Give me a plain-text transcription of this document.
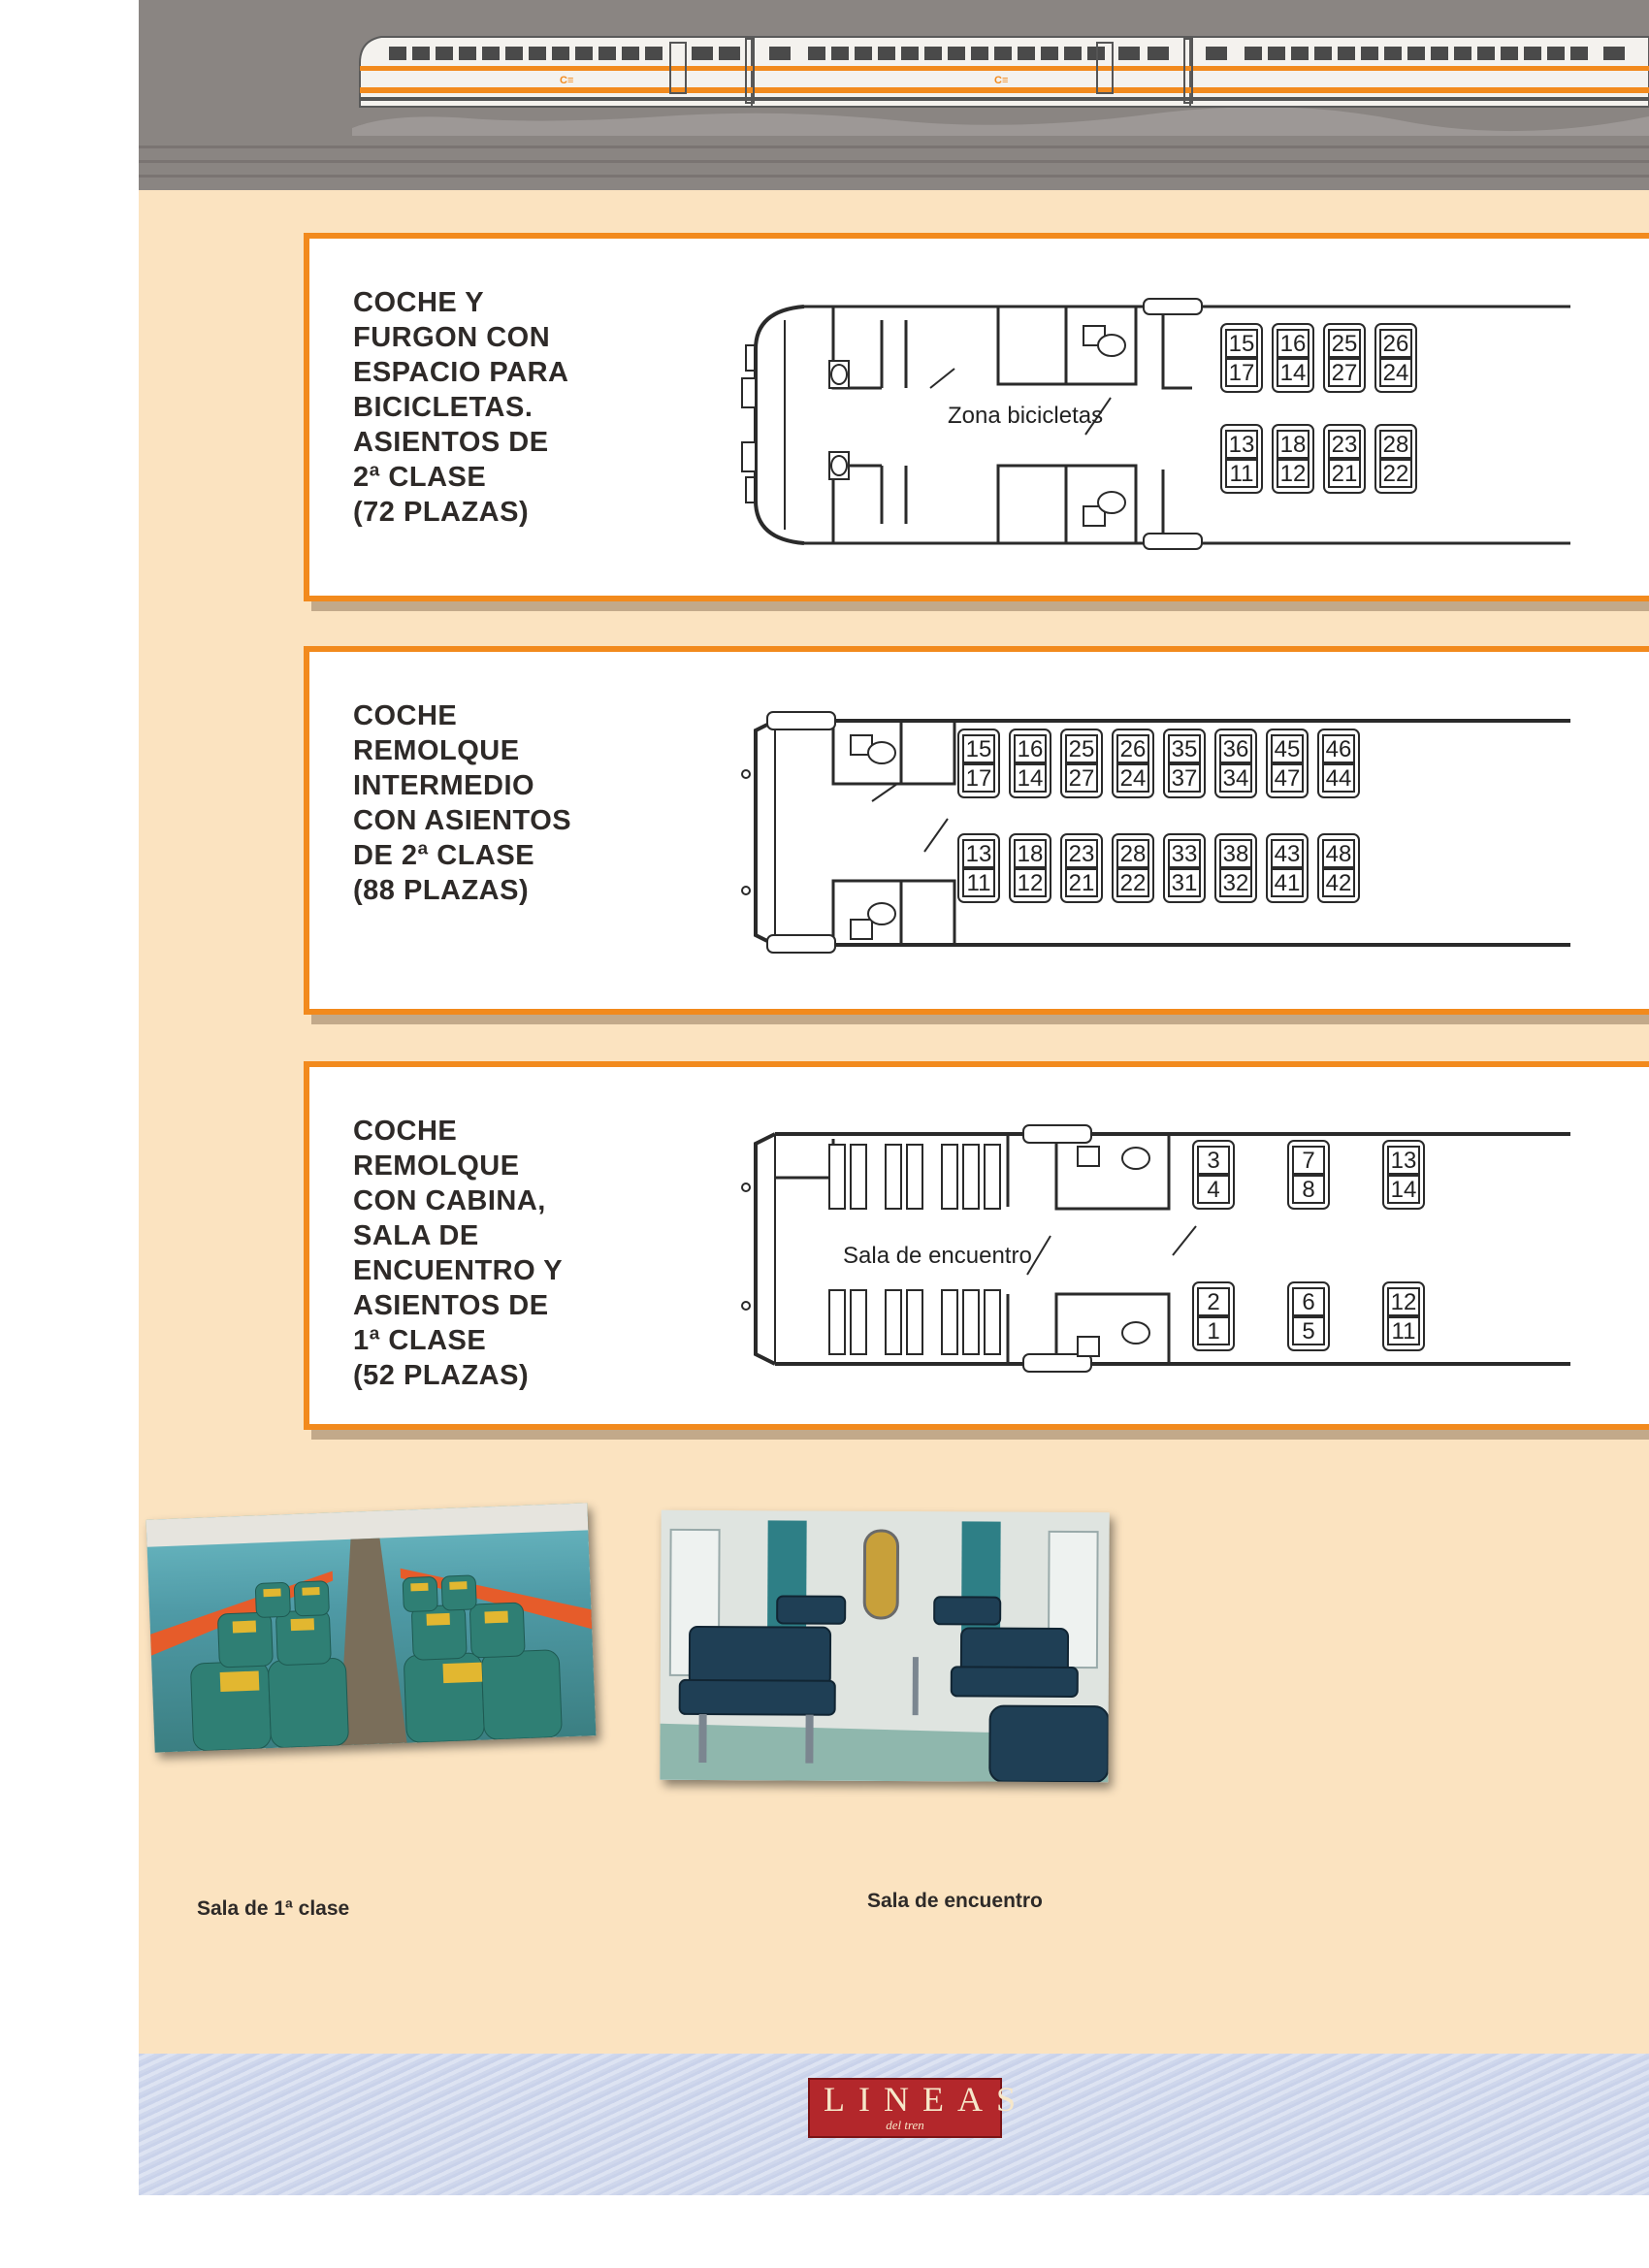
C≡	C≡
COCHE Y
FURGON CON
ESPACIO PARA
BICICLETAS.
ASIENTOS DE
2ª CLASE
(72 PLAZAS)
Zona bicicletas
15
17
16
14
25
27
26
24
13
11
18
12
23
21
28
22
COCHE
REMOLQUE
INTERMEDIO
CON ASIENTOS
DE 2ª CLASE
(88 PLAZAS)
15
17
16
14
25
27
26
24
35
37
36
34
45
47
46
44
13
11
18
12
23
21
28
22
33
31
38
32
43
41
48
42
COCHE
REMOLQUE
CON CABINA,
SALA DE
ENCUENTRO Y
ASIENTOS DE
1ª CLASE
(52 PLAZAS)
Sala de encuentro
3
4
7
8
13
14
2
1
6
5
12
11
Sala de 1ª clase	Sala de encuentro
LINEAS
del tren
